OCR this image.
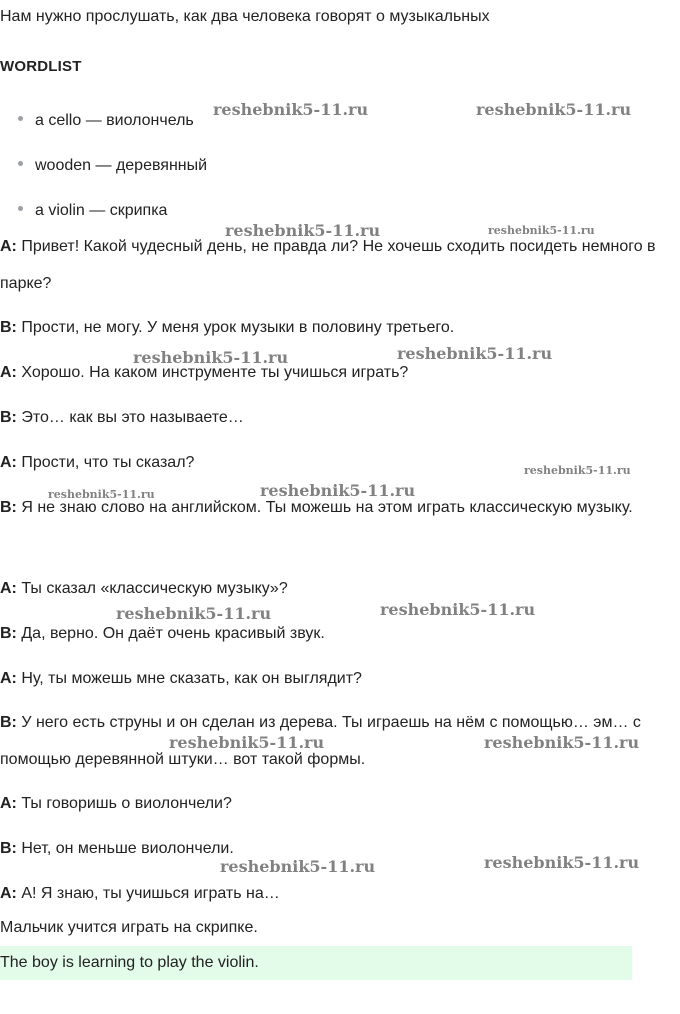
Нам нужно прослушать, как два человека говорят о музыкальных
WORDLIST
a cello — виолончель
wooden — деревянный
a violin — скрипка
A: Привет! Какой чудесный день, не правда ли? Не хочешь сходить посидеть немного в парке?
B: Прости, не могу. У меня урок музыки в половину третьего.
A: Хорошо. На каком инструменте ты учишься играть?
B: Это… как вы это называете…
A: Прости, что ты сказал?
B: Я не знаю слово на английском. Ты можешь на этом играть классическую музыку.
A: Ты сказал «классическую музыку»?
B: Да, верно. Он даёт очень красивый звук.
A: Ну, ты можешь мне сказать, как он выглядит?
B: У него есть струны и он сделан из дерева. Ты играешь на нём с помощью… эм… с помощью деревянной штуки… вот такой формы.
A: Ты говоришь о виолончели?
B: Нет, он меньше виолончели.
A: А! Я знаю, ты учишься играть на…
Мальчик учится играть на скрипке.
The boy is learning to play the violin.
reshebnik5-11.ru	reshebnik5-11.ru
reshebnik5-11.ru	reshebnik5-11.ru
reshebnik5-11.ru	reshebnik5-11.ru
reshebnik5-11.ru
reshebnik5-11.ru	reshebnik5-11.ru
reshebnik5-11.ru	reshebnik5-11.ru
reshebnik5-11.ru	reshebnik5-11.ru
reshebnik5-11.ru	reshebnik5-11.ru
